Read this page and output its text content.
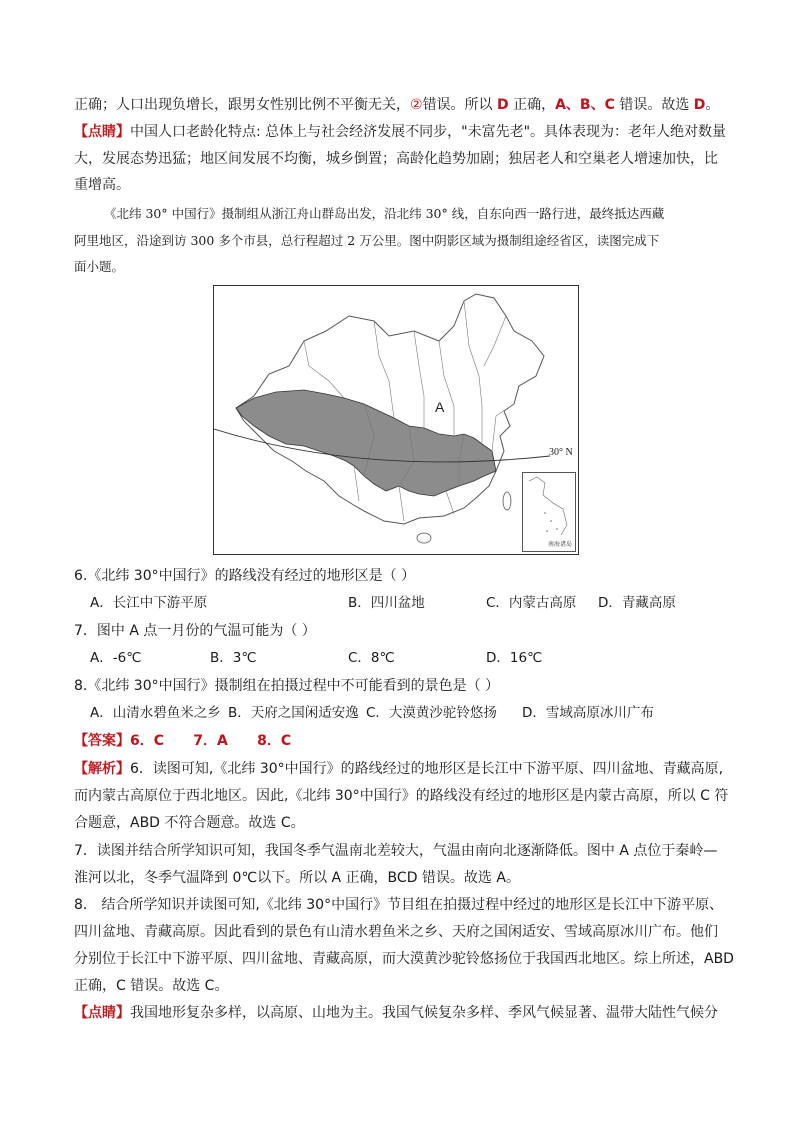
正确；人口出现负增长，跟男女性别比例不平衡无关，②错误。所以 D 正确，A、B、C 错误。故选 D。
【点睛】中国人口老龄化特点: 总体上与社会经济发展不同步，"未富先老"。具体表现为：老年人绝对数量
大，发展态势迅猛；地区间发展不均衡，城乡倒置；高龄化趋势加剧；独居老人和空巢老人增速加快，比
重增高。
《北纬 30° 中国行》摄制组从浙江舟山群岛出发，沿北纬 30° 线，自东向西一路行进，最终抵达西藏
阿里地区，沿途到访 300 多个市县，总行程超过 2 万公里。图中阴影区域为摄制组途经省区，读图完成下
面小题。
A
30° N
南海诸岛
6.《北纬 30°中国行》的路线没有经过的地形区是（ ）
A．长江中下游平原	B．四川盆地	C．内蒙古高原 D．青藏高原
7．图中 A 点一月份的气温可能为（ ）
A．-6℃	B．3℃	C．8℃	D．16℃
8.《北纬 30°中国行》摄制组在拍摄过程中不可能看到的景色是（ ）
A．山清水碧鱼米之乡 B．天府之国闲适安逸 C．大漠黄沙驼铃悠扬 D．雪域高原冰川广布
【答案】6．C      7．A      8．C
【解析】6．读图可知,《北纬 30°中国行》的路线经过的地形区是长江中下游平原、四川盆地、青藏高原,
而内蒙古高原位于西北地区。因此,《北纬 30°中国行》的路线没有经过的地形区是内蒙古高原，所以 C 符
合题意，ABD 不符合题意。故选 C。
7．读图并结合所学知识可知，我国冬季气温南北差较大，气温由南向北逐渐降低。图中 A 点位于秦岭—
淮河以北，冬季气温降到 0℃以下。所以 A 正确，BCD 错误。故选 A。
8． 结合所学知识并读图可知,《北纬 30°中国行》节目组在拍摄过程中经过的地形区是长江中下游平原、
四川盆地、青藏高原。因此看到的景色有山清水碧鱼米之乡、天府之国闲适安、雪域高原冰川广布。他们
分别位于长江中下游平原、四川盆地、青藏高原，而大漠黄沙驼铃悠扬位于我国西北地区。综上所述，ABD
正确，C 错误。故选 C。
【点睛】我国地形复杂多样，以高原、山地为主。我国气候复杂多样、季风气候显著、温带大陆性气候分
